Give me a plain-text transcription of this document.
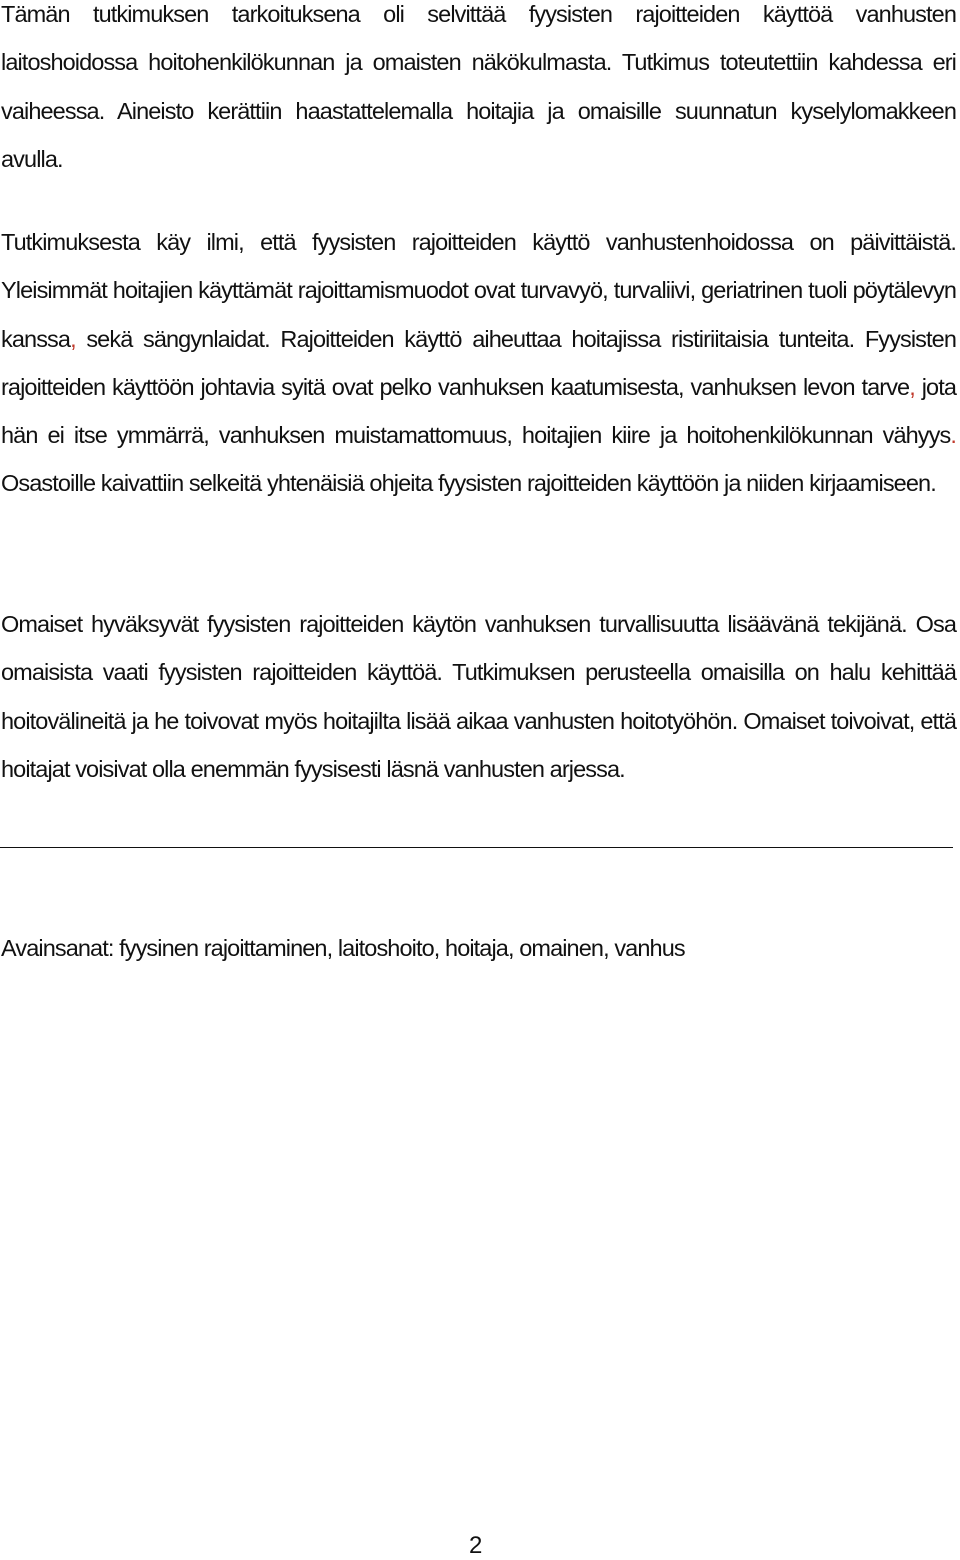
Tämän tutkimuksen tarkoituksena oli selvittää fyysisten rajoitteiden käyttöä vanhusten laitoshoidossa hoitohenkilökunnan ja omaisten näkökulmasta. Tutkimus toteutettiin kahdessa eri vaiheessa. Aineisto kerättiin haastattelemalla hoitajia ja omaisille suunnatun kyselylomakkeen avulla.

Tutkimuksesta käy ilmi, että fyysisten rajoitteiden käyttö vanhustenhoidossa on päivittäistä. Yleisimmät hoitajien käyttämät rajoittamismuodot ovat turvavyö, turvaliivi, geriatrinen tuoli pöytälevyn kanssa, sekä sängynlaidat. Rajoitteiden käyttö aiheuttaa hoitajissa ristiriitaisia tunteita. Fyysisten rajoitteiden käyttöön johtavia syitä ovat pelko vanhuksen kaatumisesta, vanhuksen levon tarve, jota hän ei itse ymmärrä, vanhuksen muistamattomuus, hoitajien kiire ja hoitohenkilökunnan vähyys. Osastoille kaivattiin selkeitä yhtenäisiä ohjeita fyysisten rajoitteiden käyttöön ja niiden kirjaamiseen.

Omaiset hyväksyvät fyysisten rajoitteiden käytön vanhuksen turvallisuutta lisäävänä tekijänä. Osa omaisista vaati fyysisten rajoitteiden käyttöä. Tutkimuksen perusteella omaisilla on halu kehittää hoitovälineitä ja he toivovat myös hoitajilta lisää aikaa vanhusten hoitotyöhön. Omaiset toivoivat, että hoitajat voisivat olla enemmän fyysisesti läsnä vanhusten arjessa.

Avainsanat: fyysinen rajoittaminen, laitoshoito, hoitaja, omainen, vanhus

2
